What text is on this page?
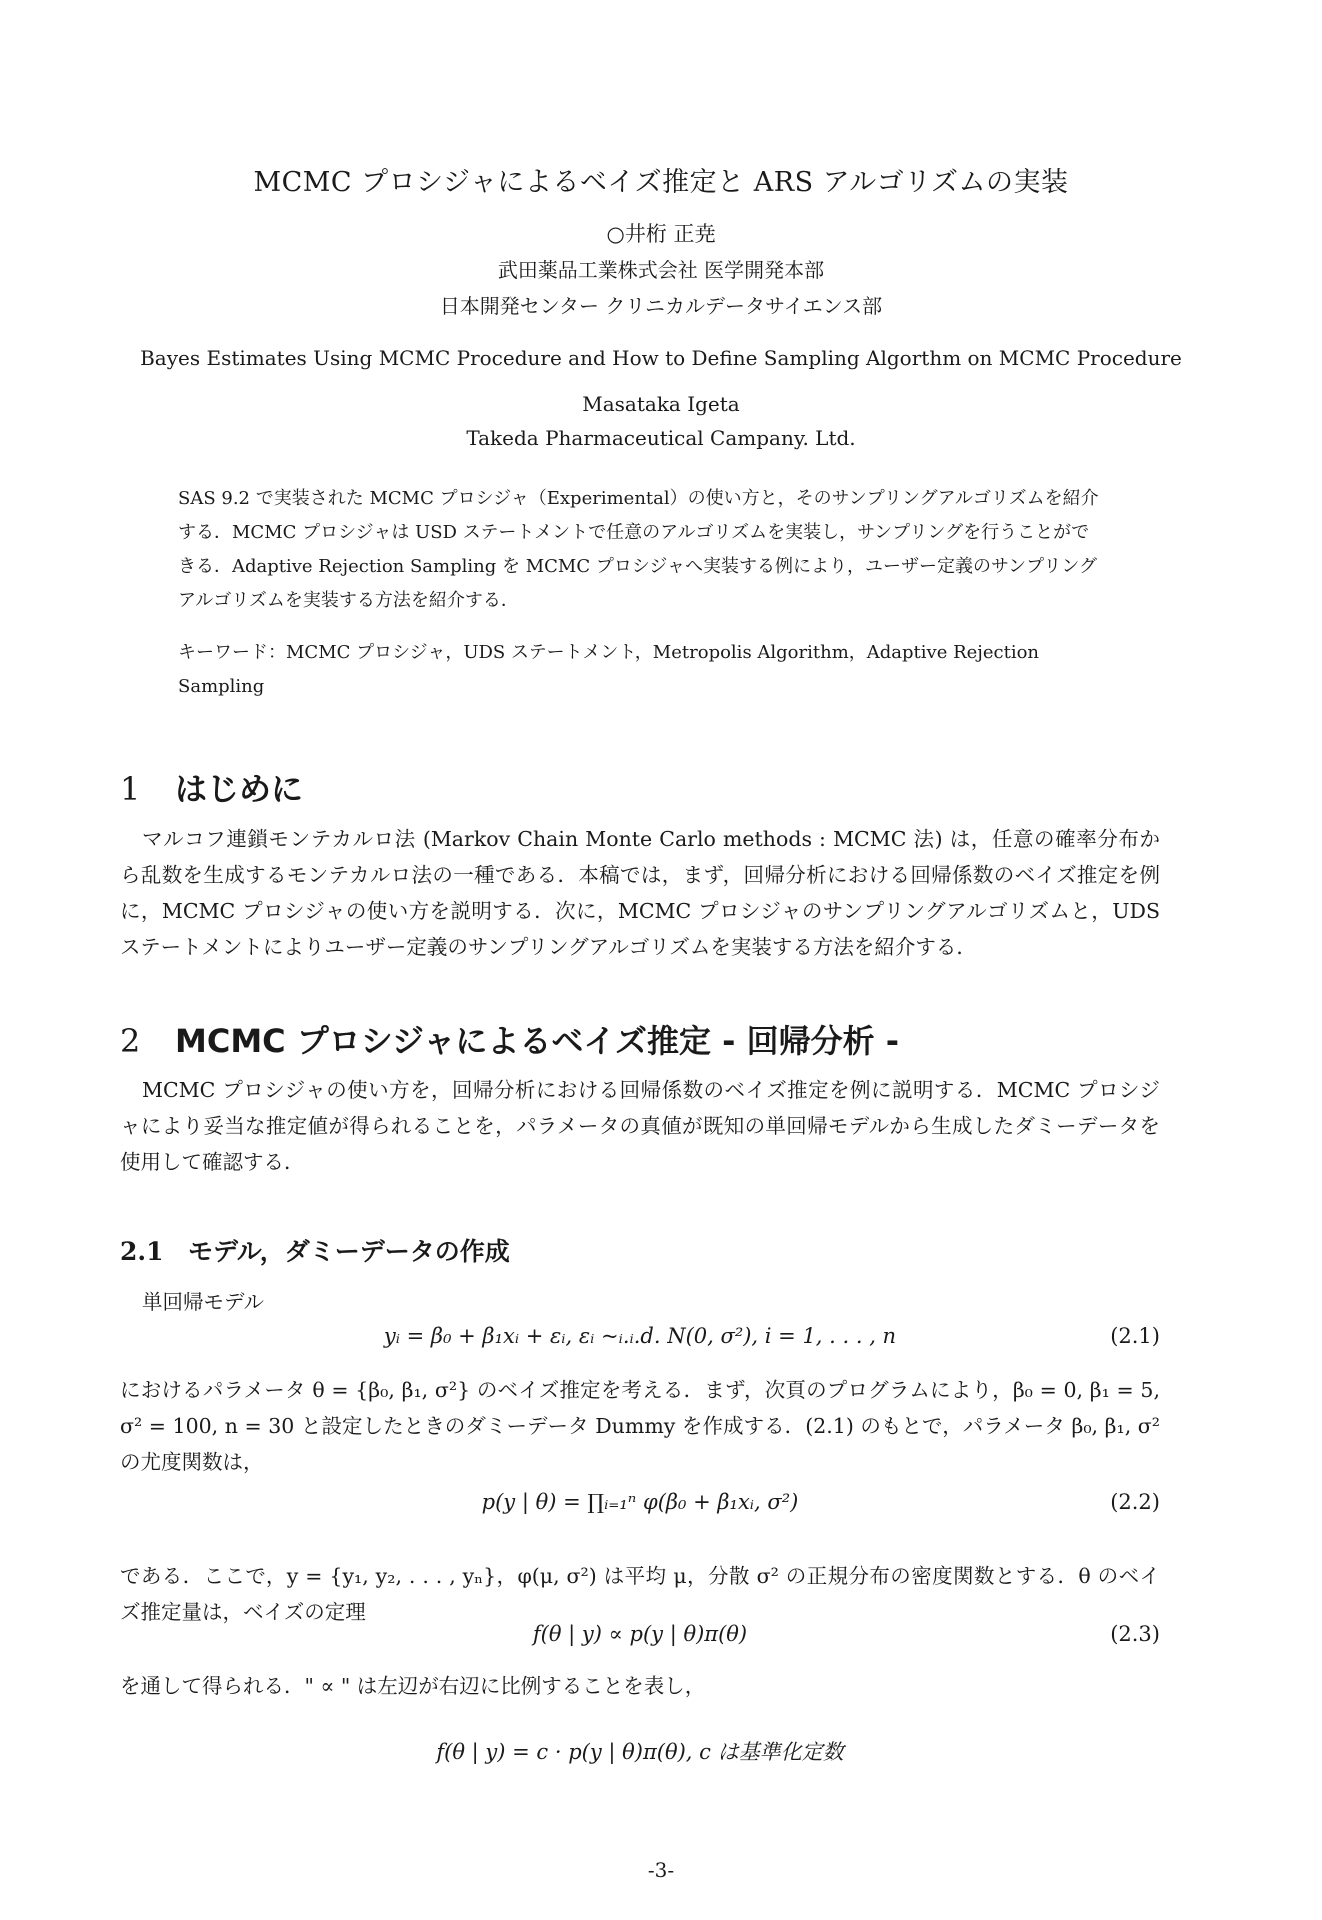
MCMC プロシジャによるベイズ推定と ARS アルゴリズムの実装
○井桁 正尭
武田薬品工業株式会社 医学開発本部
日本開発センター クリニカルデータサイエンス部
Bayes Estimates Using MCMC Procedure and How to Define Sampling Algorthm on MCMC Procedure
Masataka Igeta
Takeda Pharmaceutical Campany. Ltd.
SAS 9.2 で実装された MCMC プロシジャ（Experimental）の使い方と，そのサンプリングアルゴリズムを紹介する．MCMC プロシジャは USD ステートメントで任意のアルゴリズムを実装し，サンプリングを行うことができる．Adaptive Rejection Sampling を MCMC プロシジャへ実装する例により，ユーザー定義のサンプリングアルゴリズムを実装する方法を紹介する．
キーワード：MCMC プロシジャ，UDS ステートメント，Metropolis Algorithm，Adaptive Rejection Sampling
1 はじめに
マルコフ連鎖モンテカルロ法 (Markov Chain Monte Carlo methods : MCMC 法) は，任意の確率分布から乱数を生成するモンテカルロ法の一種である．本稿では，まず，回帰分析における回帰係数のベイズ推定を例に，MCMC プロシジャの使い方を説明する．次に，MCMC プロシジャのサンプリングアルゴリズムと，UDS ステートメントによりユーザー定義のサンプリングアルゴリズムを実装する方法を紹介する．
2 MCMC プロシジャによるベイズ推定 - 回帰分析 -
MCMC プロシジャの使い方を，回帰分析における回帰係数のベイズ推定を例に説明する．MCMC プロシジャにより妥当な推定値が得られることを，パラメータの真値が既知の単回帰モデルから生成したダミーデータを使用して確認する．
2.1 モデル，ダミーデータの作成
単回帰モデル
yᵢ = β₀ + β₁xᵢ + εᵢ, εᵢ ~ᵢ.ᵢ.d. N(0, σ²), i = 1, . . . , n	(2.1)
におけるパラメータ θ = {β₀, β₁, σ²} のベイズ推定を考える．まず，次頁のプログラムにより，β₀ = 0, β₁ = 5, σ² = 100, n = 30 と設定したときのダミーデータ Dummy を作成する．(2.1) のもとで，パラメータ β₀, β₁, σ² の尤度関数は，
p(y | θ) = ∏ᵢ₌₁ⁿ φ(β₀ + β₁xᵢ, σ²)	(2.2)
である．ここで，y = {y₁, y₂, . . . , yₙ}，φ(μ, σ²) は平均 μ，分散 σ² の正規分布の密度関数とする．θ のベイズ推定量は，ベイズの定理
f(θ | y) ∝ p(y | θ)π(θ)	(2.3)
を通して得られる．" ∝ " は左辺が右辺に比例することを表し，
f(θ | y) = c · p(y | θ)π(θ), c は基準化定数
-3-
